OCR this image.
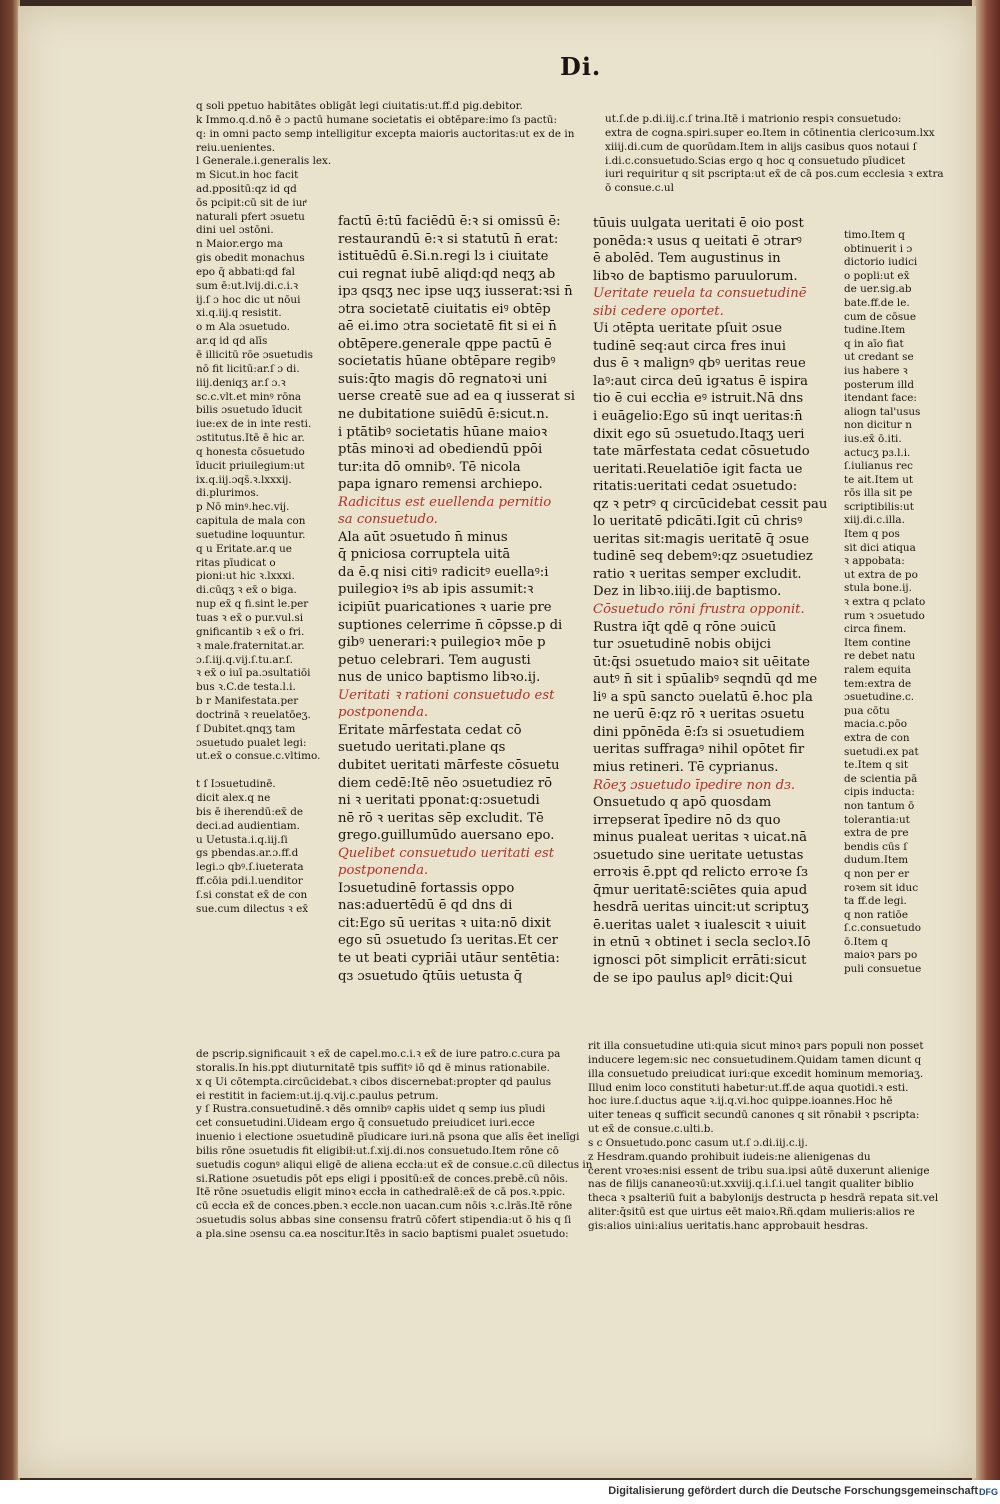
Di.
q soli ppetuo habitātes obligāt legi ciuitatis:ut.ff.d pig.debitor.
k Immo.q.d.nō ē ɔ pactū humane societatis ei obtēpare:imo ſɜ pactū:
q: in omni pacto semp intelligitur excepta maioris auctoritas:ut ex de in
reiu.uenientes.
l Generale.i.generalis lex.
m Sicut.in hoc facit
ad.ppositū:qz id qd
ōs pcipit:cū sit de iurͤ
naturali pfert ɔsuetu
dini uel ɔstōni.
n Maior.ergo ma
gis obedit monachus
epo q̄ abbati:qd fal
sum ē:ut.lvij.di.c.i.ꝛ
ij.ſ ɔ hoc dic ut nōui
xi.q.iij.q resistit.
o m Ala ɔsuetudo.
ar.q id qd alīs
ē illicitū rōe ɔsuetudis
nō fit licitū:ar.ſ ɔ di.
iiij.deniqʒ ar.ſ ɔ.ꝛ
sc.c.vlt.et minꝰ rōna
bilis ɔsuetudo īducit
iue:ex de in inte resti.
ɔstitutus.Itē ē hic ar.
q honesta cōsuetudo
īducit priuilegium:ut
ix.q.iij.ɔqs̄.ꝛ.lxxxij.
di.plurimos.
p Nō minꝰ.hec.vij.
capitula de mala con
suetudine loquuntur.
q u Eritate.ar.q ue
ritas pīudicat o
pioni:ut hic ꝛ.lxxxi.
di.cūqʒ ꝛ ex̄ o biga.
nup ex̄ q fi.sint le.per
tuas ꝛ ex̄ o pur.vul.si
gnificantib ꝛ ex̄ o fri.
ꝛ male.fraternitat.ar.
ɔ.ſ.iij.q.vij.ſ.tu.ar.ſ.
ꝛ ex̄ o iuī pa.ɔsultatiōi
bus ꝛ.C.de testa.l.i.
b r Manifestata.per
doctrinā ꝛ reuelatōeʒ.
ſ Dubitet.qnqʒ tam
ɔsuetudo pualet legi:
ut.ex̄ o consue.c.vltimo.

t ſ Iɔsuetudinē.
dicit alex.q ne
bis ē iherendū:ex̄ de
deci.ad audientiam.
u Uetusta.i.q.iij.ſi
gs pbendas.ar.ɔ.ff.d
legi.ɔ qbꝰ.ſ.iueterata
ff.cōia pdi.l.uenditor
ſ.si constat ex̄ de con
sue.cum dilectus ꝛ ex̄
factū ē:tū faciēdū ē:ꝛ si omissū ē:
restaurandū ē:ꝛ si statutū n̄ erat:
istituēdū ē.Si.n.regi lɜ i ciuitate
cui regnat iubē aliqd:qd neqʒ ab
ipɜ qsqʒ nec ipse uqʒ iusserat:ꝛsi n̄
ɔtra societatē ciuitatis eiꝰ obtēp
aē ei.imo ɔtra societatē fit si ei n̄
obtēpere.generale qppe pactū ē
societatis hūane obtēpare regibꝰ
suis:q̄to magis dō regnatoꝛi uni
uerse creatē sue ad ea q iusserat si
ne dubitatione suiēdū ē:sicut.n.
i ptātibꝰ societatis hūane maioꝛ
ptās minoꝛi ad obediendū ppōi
tur:ita dō omnibꝰ. Tē nicola
papa ignaro remensi archiepo.
Radicitus est euellenda pernitio
sa consuetudo.
Ala aūt ɔsuetudo n̄ minus
q̄ pniciosa corruptela uitā
da ē.q nisi citiꝰ radicitꝰ euellaꝰ:i
puilegioꝛ iꝰs ab ipis assumit:ꝛ
icipiūt puaricationes ꝛ uarie pre
suptiones celerrime n̄ cōpsse.p di
gibꝰ uenerari:ꝛ puilegioꝛ mōe p
petuo celebrari. Tem augusti
nus de unico baptismo libꝛo.ij.
Ueritati ꝛ rationi consuetudo est
postponenda.
Eritate mārfestata cedat cō
suetudo ueritati.plane qs
dubitet ueritati mārfeste cōsuetu
diem cedē:Itē nēo ɔsuetudiez rō
ni ꝛ ueritati pponat:q:ɔsuetudi
nē rō ꝛ ueritas sēp excludit. Tē
grego.guillumūdo auersano epo.
Quelibet consuetudo ueritati est
postponenda.
Iɔsuetudinē fortassis oppo
nas:aduertēdū ē qd dns di
cit:Ego sū ueritas ꝛ uita:nō dixit
ego sū ɔsuetudo ſɜ ueritas.Et cer
te ut beati cypriāi utāur sentētia:
qɜ ɔsuetudo q̄tūis uetusta q̄
ut.ſ.de p.di.iij.c.ſ trina.Itē i matrionio respiꝛ consuetudo:
extra de cogna.spiri.super eo.Item in cōtinentia clericoꝛum.lxx
xiiij.di.cum de quorūdam.Item in alijs casibus quos notaui ſ
i.di.c.consuetudo.Scias ergo q hoc q consuetudo pīudicet
iuri requiritur q sit pscripta:ut ex̄ de cā pos.cum ecclesia ꝛ extra
ō consue.c.ul
tūuis uulgata ueritati ē oio post
ponēda:ꝛ usus q ueitati ē ɔtrarꝰ
ē abolēd. Tem augustinus in
libꝛo de baptismo paruulorum.
Ueritate reuela ta consuetudinē
sibi cedere oportet.
Ui ɔtēpta ueritate pſuit ɔsue
tudinē seq:aut circa fres inui
dus ē ꝛ malignꝰ qbꝰ ueritas reue
laꝰ:aut circa deū igꝛatus ē ispira
tio ē cui eccłia eꝰ istruit.Nā dns
i euāgelio:Ego sū inqt ueritas:n̄
dixit ego sū ɔsuetudo.Itaqʒ ueri
tate mārfestata cedat cōsuetudo
ueritati.Reuelatiōe igit̄ facta ue
ritatis:ueritati cedat ɔsuetudo:
qz ꝛ petrꝰ q circūcidebat cessit pau
lo ueritatē pdicāti.Igit̄ cū chrisꝰ
ueritas sit:magis ueritatē q̄ ɔsue
tudinē seq debemꝰ:qz ɔsuetudiez
ratio ꝛ ueritas semper excludit.
Dez in libꝛo.iiij.de baptismo.
Cōsuetudo rōni frustra opponit.
Rustra iq̄t qdē q rōne ɔuicū
tur ɔsuetudinē nobis obijci
ūt:q̄si ɔsuetudo maioꝛ sit uēitate
autꝰ n̄ sit i spūalibꝰ seqndū qd me
liꝰ a spū sancto ɔuelatū ē.hoc pla
ne uerū ē:qz rō ꝛ ueritas ɔsuetu
dini ppōnēda ē:ſɜ si ɔsuetudiem
ueritas suffragaꝰ nihil opōtet fir
mius retineri. Tē cyprianus.
Rōeʒ ɔsuetudo īpedire non dɜ.
Onsuetudo q apō quosdam
irrepserat īpedire nō dɜ quo
minus pualeat ueritas ꝛ uicat.nā
ɔsuetudo sine ueritate uetustas
erroꝛis ē.ppt qd relicto erroꝛe ſɜ
q̄mur ueritatē:sciētes quia apud
hesdrā ueritas uincit:ut scriptuʒ
ē.ueritas ualet ꝛ iualescit ꝛ uiuit
in etnū ꝛ obtinet i secla secloꝛ.Iō
ignosci pōt simplicit̄ errāti:sicut
de se ipo paulus aplꝰ dicit:Qui
timo.Item q
obtinuerit i ɔ
dictorio iudici
o popli:ut ex̄
de uer.sig.ab
bate.ff.de le.
cum de cōsue
tudine.Item
q in aīo fiat
ut credant se
ius habere ꝛ
posterum illd
itendant face:
aliogn tal'usus
non dicitur n
ius.ex̄ ō.iti.
actucʒ pɜ.l.i.
ſ.iulianus rec
te ait.Item ut
rōs illa sit pe
scriptibilis:ut
xiij.di.c.illa.
Item q pos
sit dici atiqua
ꝛ appobata:
ut extra de po
stula bone.ij.
ꝛ extra q pclato
rum ꝛ ɔsuetudo
circa finem.
Item contine
re debet natu
ralem equita
tem:extra de
ɔsuetudine.c.
pua cōtu
macia.c.pōo
extra de con
suetudi.ex pat
te.Item q sit
de scientia pā
cipis inducta:
non tantum ō
tolerantia:ut
extra de pre
bendis cūs ſ
dudum.Item
q non per er
roꝛem sit iduc
ta ff.de legi.
q non ratiōe
ſ.c.consuetudo
ō.Item q
maioꝛ pars po
puli consuetue
de pscrip.significauit ꝛ ex̄ de capel.mo.c.i.ꝛ ex̄ de iure patro.c.cura pa
storalis.In his.ppt diuturnitatē tpis suffitꝰ iō qd ē minus rationabile.
x q Ui cōtempta.circūcidebat.ꝛ cibos discernebat:propter qd paulus
ei restitit in faciem:ut.ij.q.vij.c.paulus petrum.
y ſ Rustra.consuetudinē.ꝛ dēs omnibꝰ capłis uidet q semp ius pīudi
cet consuetudini.Uideam ergo q̄ consuetudo preiudicet iuri.ecce
inuenio i electione ɔsuetudinē pīudicare iuri.nā psona que alīs ēet inelīgi
bilis rōne ɔsuetudis fit eligibił:ut.ſ.xij.di.nos consuetudo.Item rōne cō
suetudis cogunꝰ aliqui eligē de aliena eccła:ut ex̄ de consue.c.cū dilectus in
si.Ratione ɔsuetudis pōt eps eligi i ppositū:ex̄ de conces.prebē.cū nōis.
Itē rōne ɔsuetudis eligit minoꝛ eccła in cathedralē:ex̄ de cā pos.ꝛ.ppic.
cū eccła ex̄ de conces.pben.ꝛ eccle.non uacan.cum nōis ꝛ.c.lrās.Itē rōne
ɔsuetudis solus abbas sine consensu fratrū cōfert stipendia:ut ō his q ſi
a pla.sine ɔsensu ca.ea noscitur.Itēɜ in sacio baptismi pualet ɔsuetudo:
rit illa consuetudine uti:quia sicut minoꝛ pars populi non posset
inducere legem:sic nec consuetudinem.Quidam tamen dicunt q
illa consuetudo preiudicat iuri:que excedit hominum memoriaʒ.
Illud enim loco constituti habetur:ut.ff.de aqua quotidi.ꝛ esti.
hoc iure.ſ.ductus aque ꝛ.ij.q.vi.hoc quippe.ioannes.Hoc hē
uiter teneas q sufficit secundū canones q sit rōnabił ꝛ pscripta:
ut ex̄ de consue.c.ulti.b.
s c Onsuetudo.ponc casum ut.ſ ɔ.di.iij.c.ij.
z Hesdram.quando prohibuit iudeis:ne alienigenas du
cerent vroꝛes:nisi essent de tribu sua.ipsi aūtē duxerunt alienige
nas de filijs cananeoꝛū:ut.xxviij.q.i.ſ.i.uel tangit qualiter biblio
theca ꝛ psalteriū fuit a babylonijs destructa p hesdrā repata sit.vel
aliter:q̄sitū est que uirtus eēt maioꝛ.Rñ.qdam mulieris:alios re
gis:alios uini:alius ueritatis.hanc approbauit hesdras.
Digitalisierung gefördert durch die Deutsche Forschungsgemeinschaft DFG
